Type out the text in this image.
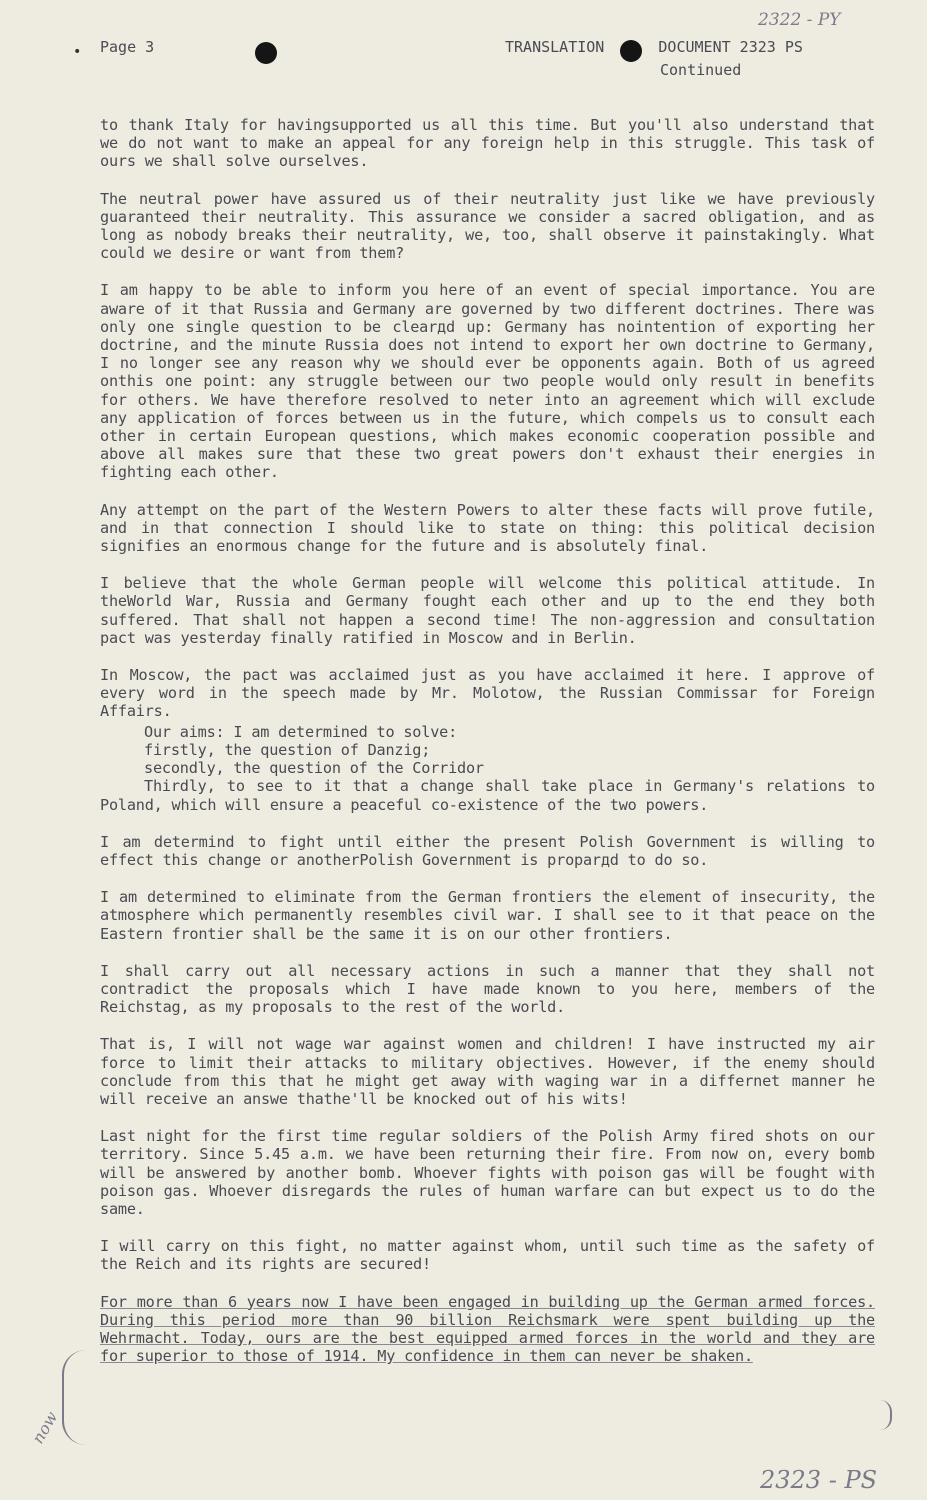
•
2322 - PY
Page 3	TRANSLATION	DOCUMENT 2323 PS
Continued

to thank Italy for havingsupported us all this time. But you'll also understand that we do not want to make an appeal for any foreign help in this struggle. This task of ours we shall solve ourselves.

The neutral power have assured us of their neutrality just like we have previously guaranteed their neutrality. This assurance we consider a sacred obligation, and as long as nobody breaks their neutrality, we, too, shall observe it painstakingly. What could we desire or want from them?

I am happy to be able to inform you here of an event of special importance. You are aware of it that Russia and Germany are governed by two different doctrines. There was only one single question to be clearдd up: Germany has nointention of exporting her doctrine, and the minute Russia does not intend to export her own doctrine to Germany, I no longer see any reason why we should ever be opponents again. Both of us agreed onthis one point: any struggle between our two people would only result in benefits for others. We have therefore resolved to neter into an agreement which will exclude any application of forces between us in the future, which compels us to consult each other in certain European questions, which makes economic cooperation possible and above all makes sure that these two great powers don't exhaust their energies in fighting each other.

Any attempt on the part of the Western Powers to alter these facts will prove futile, and in that connection I should like to state on thing: this political decision signifies an enormous change for the future and is absolutely final.

I believe that the whole German people will welcome this political attitude. In theWorld War, Russia and Germany fought each other and up to the end they both suffered. That shall not happen a second time! The non-aggression and consultation pact was yesterday finally ratified in Moscow and in Berlin.

In Moscow, the pact was acclaimed just as you have acclaimed it here. I approve of every word in the speech made by Mr. Molotow, the Russian Commissar for Foreign Affairs.

Our aims: I am determined to solve:
firstly, the question of Danzig;
secondly, the question of the Corridor
Thirdly, to see to it that a change shall take place in Germany's relations to Poland, which will ensure a peaceful co-existence of the two powers.

I am determind to fight until either the present Polish Government is willing to effect this change or anotherPolish Government is proparдd to do so.

I am determined to eliminate from the German frontiers the element of insecurity, the atmosphere which permanently resembles civil war. I shall see to it that peace on the Eastern frontier shall be the same it is on our other frontiers.

I shall carry out all necessary actions in such a manner that they shall not contradict the proposals which I have made known to you here, members of the Reichstag, as my proposals to the rest of the world.

That is, I will not wage war against women and children! I have instructed my air force to limit their attacks to military objectives. However, if the enemy should conclude from this that he might get away with waging war in a differnet manner he will receive an answe thathe'll be knocked out of his wits!

Last night for the first time regular soldiers of the Polish Army fired shots on our territory. Since 5.45 a.m. we have been returning their fire. From now on, every bomb will be answered by another bomb. Whoever fights with poison gas will be fought with poison gas. Whoever disregards the rules of human warfare can but expect us to do the same.

I will carry on this fight, no matter against whom, until such time as the safety of the Reich and its rights are secured!

For more than 6 years now I have been engaged in building up the German armed forces. During this period more than 90 billion Reichsmark were spent building up the Wehrmacht. Today, ours are the best equipped armed forces in the world and they are for superior to those of 1914. My confidence in them can never be shaken.

now
2323 - PS
